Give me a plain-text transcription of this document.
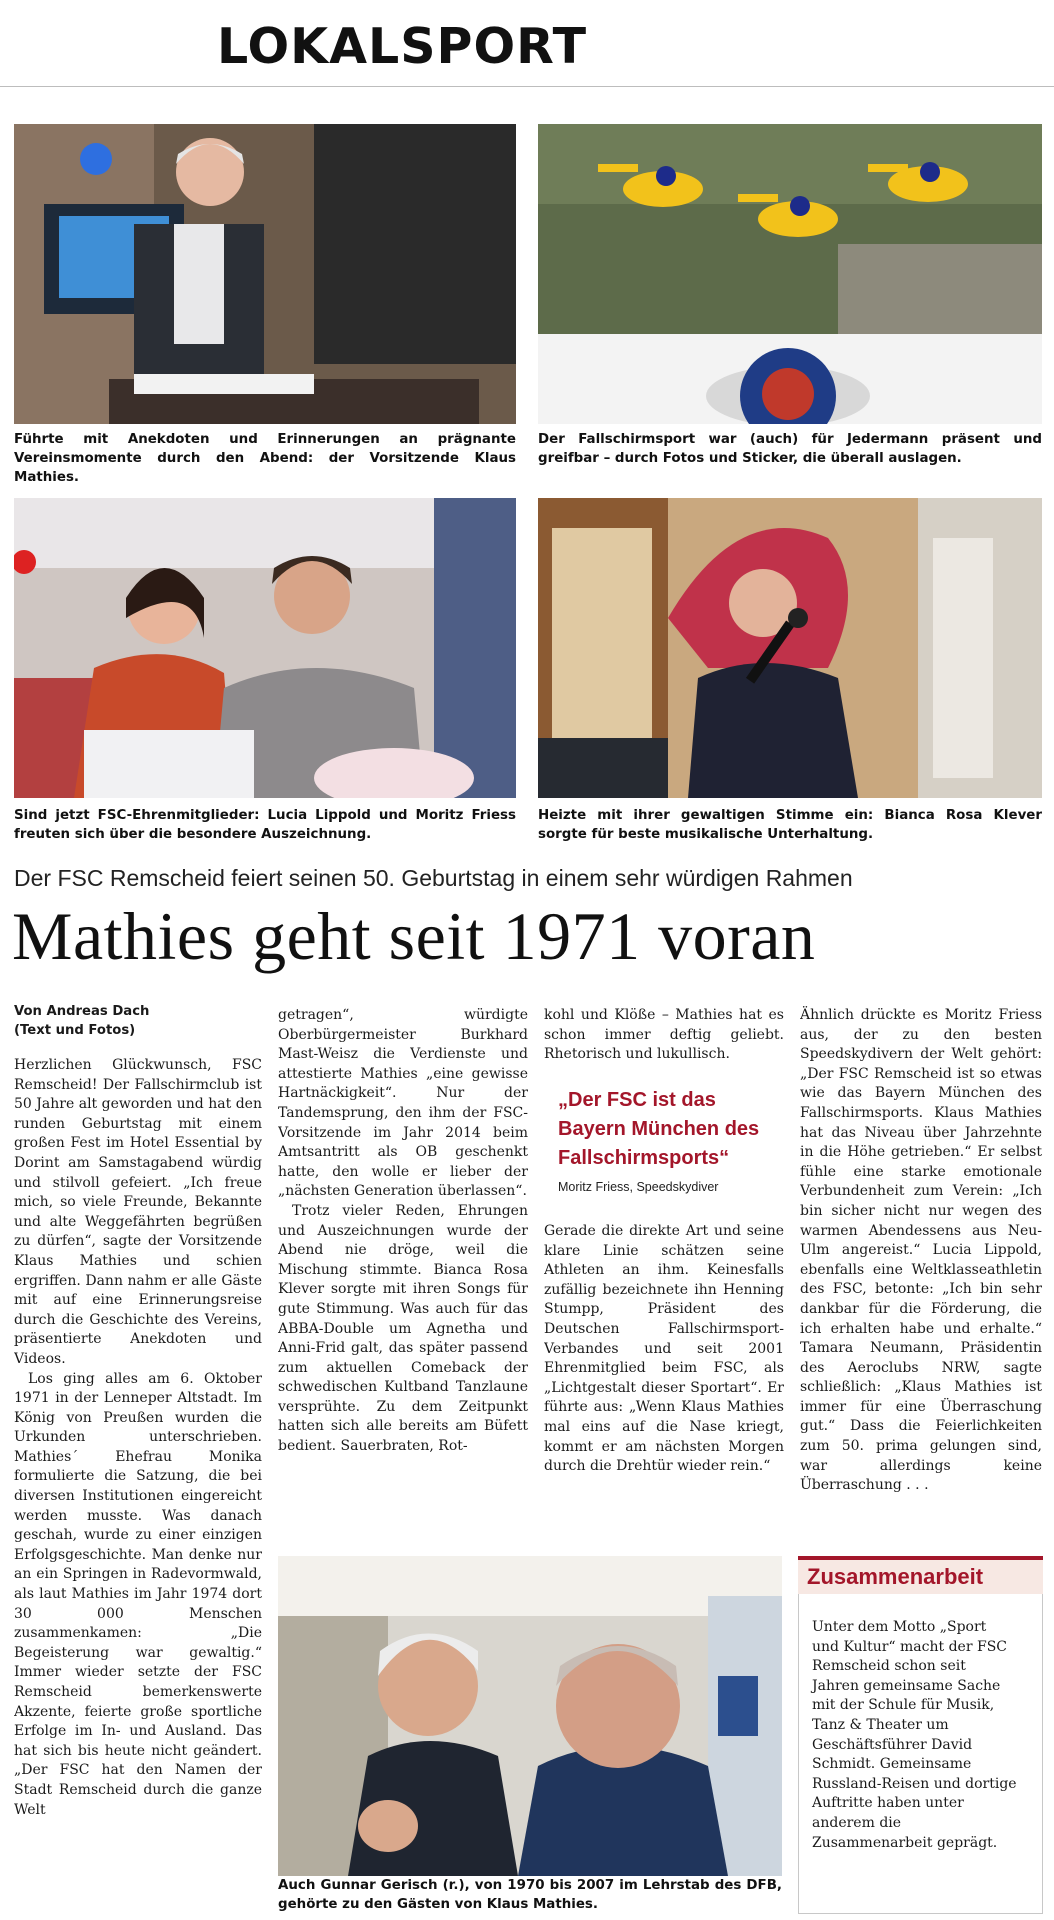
LOKALSPORT
Führte mit Anekdoten und Erinnerungen an prägnante Vereinsmomente durch den Abend: der Vorsitzende Klaus Mathies.
Der Fallschirmsport war (auch) für Jedermann präsent und greifbar – durch Fotos und Sticker, die überall auslagen.
Sind jetzt FSC-Ehrenmitglieder: Lucia Lippold und Moritz Friess freuten sich über die besondere Auszeichnung.
Heizte mit ihrer gewaltigen Stimme ein: Bianca Rosa Klever sorgte für beste musikalische Unterhaltung.
Der FSC Remscheid feiert seinen 50. Geburtstag in einem sehr würdigen Rahmen
Mathies geht seit 1971 voran
Von Andreas Dach
(Text und Fotos)

Herzlichen Glückwunsch, FSC Remscheid! Der Fallschirmclub ist 50 Jahre alt geworden und hat den runden Geburtstag mit einem großen Fest im Hotel Essential by Dorint am Samstagabend würdig und stilvoll gefeiert. „Ich freue mich, so viele Freunde, Bekannte und alte Weggefährten begrüßen zu dürfen“, sagte der Vorsitzende Klaus Mathies und schien ergriffen. Dann nahm er alle Gäste mit auf eine Erinnerungsreise durch die Geschichte des Vereins, präsentierte Anekdoten und Videos.

Los ging alles am 6. Oktober 1971 in der Lenneper Altstadt. Im König von Preußen wurden die Urkunden unterschrieben. Mathies´ Ehefrau Monika formulierte die Satzung, die bei diversen Institutionen eingereicht werden musste. Was danach geschah, wurde zu einer einzigen Erfolgsgeschichte. Man denke nur an ein Springen in Radevormwald, als laut Mathies im Jahr 1974 dort 30 000 Menschen zusammenkamen: „Die Begeisterung war gewaltig.“ Immer wieder setzte der FSC Remscheid bemerkenswerte Akzente, feierte große sportliche Erfolge im In- und Ausland. Das hat sich bis heute nicht geändert. „Der FSC hat den Namen der Stadt Remscheid durch die ganze Welt

getragen“, würdigte Oberbürgermeister Burkhard Mast-Weisz die Verdienste und attestierte Mathies „eine gewisse Hartnäckigkeit“. Nur der Tandemsprung, den ihm der FSC-Vorsitzende im Jahr 2014 beim Amtsantritt als OB geschenkt hatte, den wolle er lieber der „nächsten Generation überlassen“.

Trotz vieler Reden, Ehrungen und Auszeichnungen wurde der Abend nie dröge, weil die Mischung stimmte. Bianca Rosa Klever sorgte mit ihren Songs für gute Stimmung. Was auch für das ABBA-Double um Agnetha und Anni-Frid galt, das später passend zum aktuellen Comeback der schwedischen Kultband Tanzlaune versprühte. Zu dem Zeitpunkt hatten sich alle bereits am Büfett bedient. Sauerbraten, Rot-

kohl und Klöße – Mathies hat es schon immer deftig geliebt. Rhetorisch und lukullisch.

„Der FSC ist das Bayern München des Fallschirmsports“
Moritz Friess, Speedskydiver

Gerade die direkte Art und seine klare Linie schätzen seine Athleten an ihm. Keinesfalls zufällig bezeichnete ihn Henning Stumpp, Präsident des Deutschen Fallschirmsport-Verbandes und seit 2001 Ehrenmitglied beim FSC, als „Lichtgestalt dieser Sportart“. Er führte aus: „Wenn Klaus Mathies mal eins auf die Nase kriegt, kommt er am nächsten Morgen durch die Drehtür wieder rein.“

Ähnlich drückte es Moritz Friess aus, der zu den besten Speedskydivern der Welt gehört: „Der FSC Remscheid ist so etwas wie das Bayern München des Fallschirmsports. Klaus Mathies hat das Niveau über Jahrzehnte in die Höhe getrieben.“ Er selbst fühle eine starke emotionale Verbundenheit zum Verein: „Ich bin sicher nicht nur wegen des warmen Abendessens aus Neu-Ulm angereist.“ Lucia Lippold, ebenfalls eine Weltklasseathletin des FSC, betonte: „Ich bin sehr dankbar für die Förderung, die ich erhalten habe und erhalte.“ Tamara Neumann, Präsidentin des Aeroclubs NRW, sagte schließlich: „Klaus Mathies ist immer für eine Überraschung gut.“ Dass die Feierlichkeiten zum 50. prima gelungen sind, war allerdings keine Überraschung . . .

Auch Gunnar Gerisch (r.), von 1970 bis 2007 im Lehrstab des DFB, gehörte zu den Gästen von Klaus Mathies.
Zusammenarbeit
Unter dem Motto „Sport und Kultur“ macht der FSC Remscheid schon seit Jahren gemeinsame Sache mit der Schule für Musik, Tanz & Theater um Geschäftsführer David Schmidt. Gemeinsame Russland-Reisen und dortige Auftritte haben unter anderem die Zusammenarbeit geprägt.
